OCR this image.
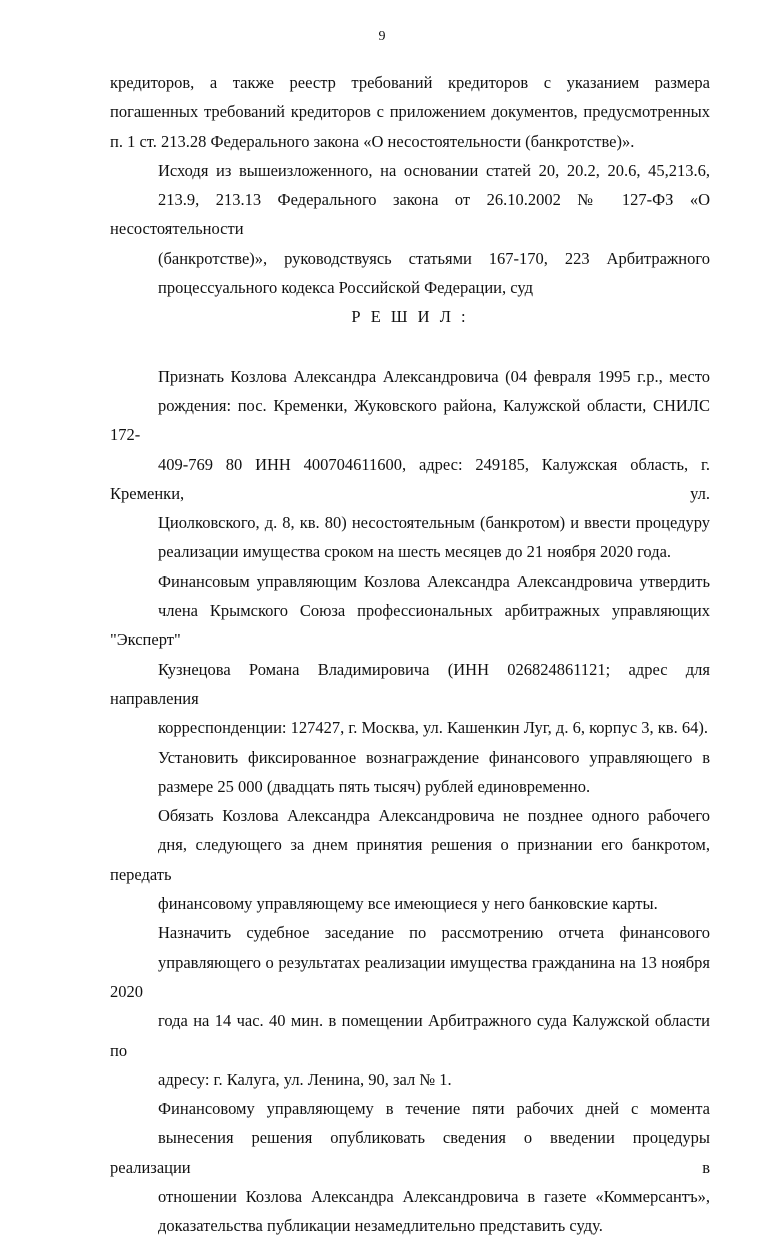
9

кредиторов, а также реестр требований кредиторов с указанием размера
погашенных требований кредиторов с приложением документов, предусмотренных
п. 1 ст. 213.28 Федерального закона «О несостоятельности (банкротстве)».

Исходя из вышеизложенного, на основании статей 20, 20.2, 20.6, 45,213.6,
213.9, 213.13 Федерального закона от 26.10.2002 № 127-ФЗ «О несостоятельности
(банкротстве)», руководствуясь статьями 167-170, 223 Арбитражного
процессуального кодекса Российской Федерации, суд

Р Е Ш И Л :

Признать Козлова Александра Александровича (04 февраля 1995 г.р., место
рождения: пос. Кременки, Жуковского района, Калужской области, СНИЛС 172-
409-769 80 ИНН 400704611600, адрес: 249185, Калужская область, г. Кременки, ул.
Циолковского, д. 8, кв. 80) несостоятельным (банкротом) и ввести процедуру
реализации имущества сроком на шесть месяцев до 21 ноября 2020 года.

Финансовым управляющим Козлова Александра Александровича утвердить
члена Крымского Союза профессиональных арбитражных управляющих "Эксперт"
Кузнецова Романа Владимировича (ИНН 026824861121; адрес для направления
корреспонденции: 127427, г. Москва, ул. Кашенкин Луг, д. 6, корпус 3, кв. 64).

Установить фиксированное вознаграждение финансового управляющего в
размере 25 000 (двадцать пять тысяч) рублей единовременно.

Обязать Козлова Александра Александровича не позднее одного рабочего
дня, следующего за днем принятия решения о признании его банкротом, передать
финансовому управляющему все имеющиеся у него банковские карты.

Назначить судебное заседание по рассмотрению отчета финансового
управляющего о результатах реализации имущества гражданина на 13 ноября 2020
года на 14 час. 40 мин. в помещении Арбитражного суда Калужской области по
адресу: г. Калуга, ул. Ленина, 90, зал № 1.

Финансовому управляющему в течение пяти рабочих дней с момента
вынесения решения опубликовать сведения о введении процедуры реализации в
отношении Козлова Александра Александровича в газете «Коммерсантъ»,
доказательства публикации незамедлительно представить суду.
